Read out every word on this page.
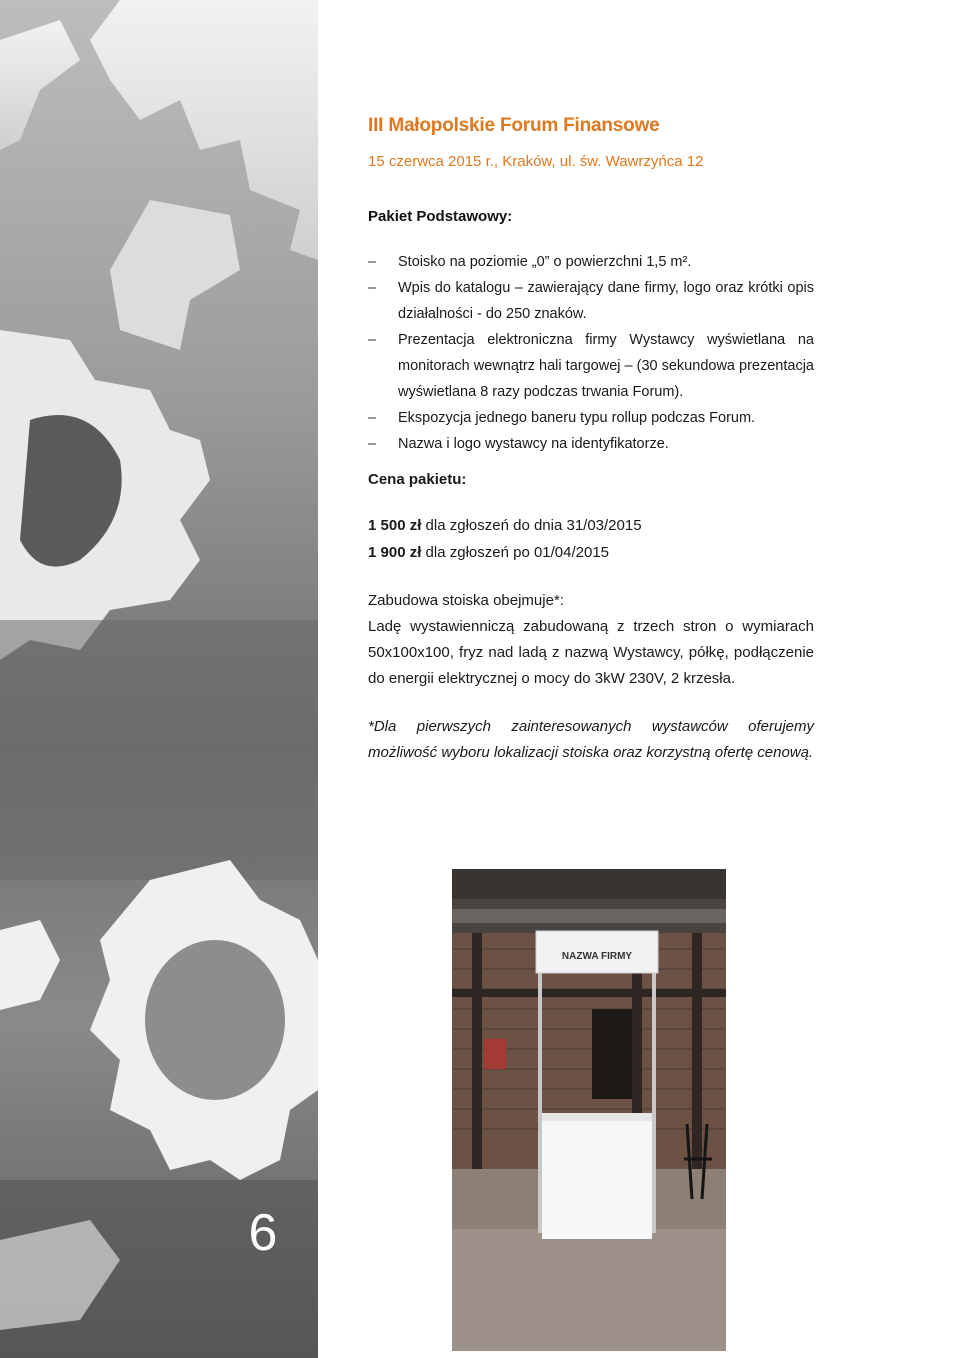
6
III Małopolskie Forum Finansowe

15 czerwca 2015 r., Kraków, ul. św. Wawrzyńca 12

Pakiet Podstawowy:

–	Stoisko na poziomie „0” o powierzchni 1,5 m².
–	Wpis do katalogu – zawierający dane firmy, logo oraz krótki opis działalności - do 250 znaków.
–	Prezentacja elektroniczna firmy Wystawcy wyświetlana na monitorach wewnątrz hali targowej – (30 sekundowa prezentacja wyświetlana 8 razy podczas trwania Forum).
–	Ekspozycja jednego baneru typu rollup podczas Forum.
–	Nazwa i logo wystawcy na identyfikatorze.

Cena pakietu:

1 500 zł dla zgłoszeń do dnia 31/03/2015
1 900 zł dla zgłoszeń po 01/04/2015

Zabudowa stoiska obejmuje*:

Ladę wystawienniczą zabudowaną z trzech stron o wymiarach 50x100x100, fryz nad ladą z nazwą Wystawcy, półkę, podłączenie do energii elektrycznej o mocy do 3kW 230V, 2 krzesła.

*Dla pierwszych zainteresowanych wystawców oferujemy możliwość wyboru lokalizacji stoiska oraz korzystną ofertę cenową.

NAZWA FIRMY
